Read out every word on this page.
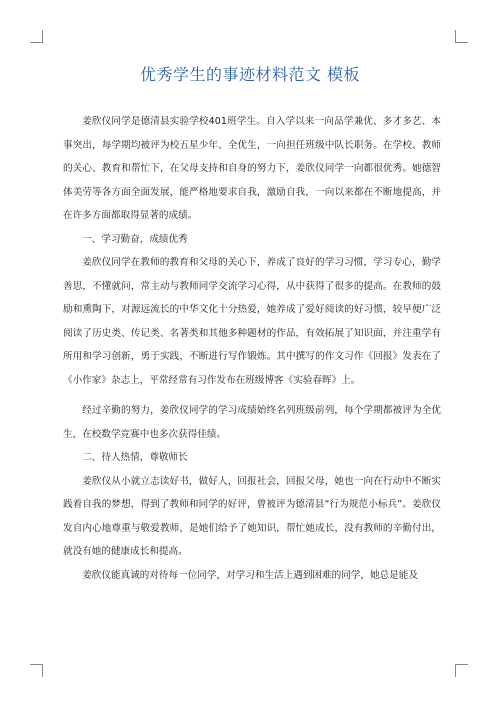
优秀学生的事迹材料范文 模板

姜欣仪同学是德清县实验学校401班学生。自入学以来一向品学兼优、多才多艺、本事突出，每学期均被评为校五星少年、全优生，一向担任班级中队长职务。在学校、教师的关心、教育和帮忙下，在父母支持和自身的努力下，姜欣仪同学一向都很优秀。她德智体美劳等各方面全面发展，能严格地要求自我，激励自我，一向以来都在不断地提高，并在许多方面都取得显著的成绩。

一、学习勤奋，成绩优秀

姜欣仪同学在教师的教育和父母的关心下，养成了良好的学习习惯，学习专心，勤学善思，不懂就问，常主动与教师同学交流学习心得，从中获得了很多的提高。在教师的鼓励和熏陶下，对源远流长的中华文化十分热爱，她养成了爱好阅读的好习惯，较早便广泛阅读了历史类、传记类、名著类和其他多种题材的作品，有效拓展了知识面，并注重学有所用和学习创新，勇于实践，不断进行写作锻炼。其中撰写的作文习作《回报》发表在了《小作家》杂志上，平常经常有习作发布在班级博客《实验春晖》上。

经过辛勤的努力，姜欣仪同学的学习成绩始终名列班级前列，每个学期都被评为全优生，在校数学竞赛中也多次获得佳绩。

二、待人热情，尊敬师长

姜欣仪从小就立志读好书，做好人，回报社会，回报父母，她也一向在行动中不断实践着自我的梦想，得到了教师和同学的好评，曾被评为德清县“行为规范小标兵”。姜欣仪发自内心地尊重与敬爱教师，是她们给予了她知识，帮忙她成长，没有教师的辛勤付出，就没有她的健康成长和提高。

姜欣仪能真诚的对待每一位同学，对学习和生活上遇到困难的同学，她总是能及
